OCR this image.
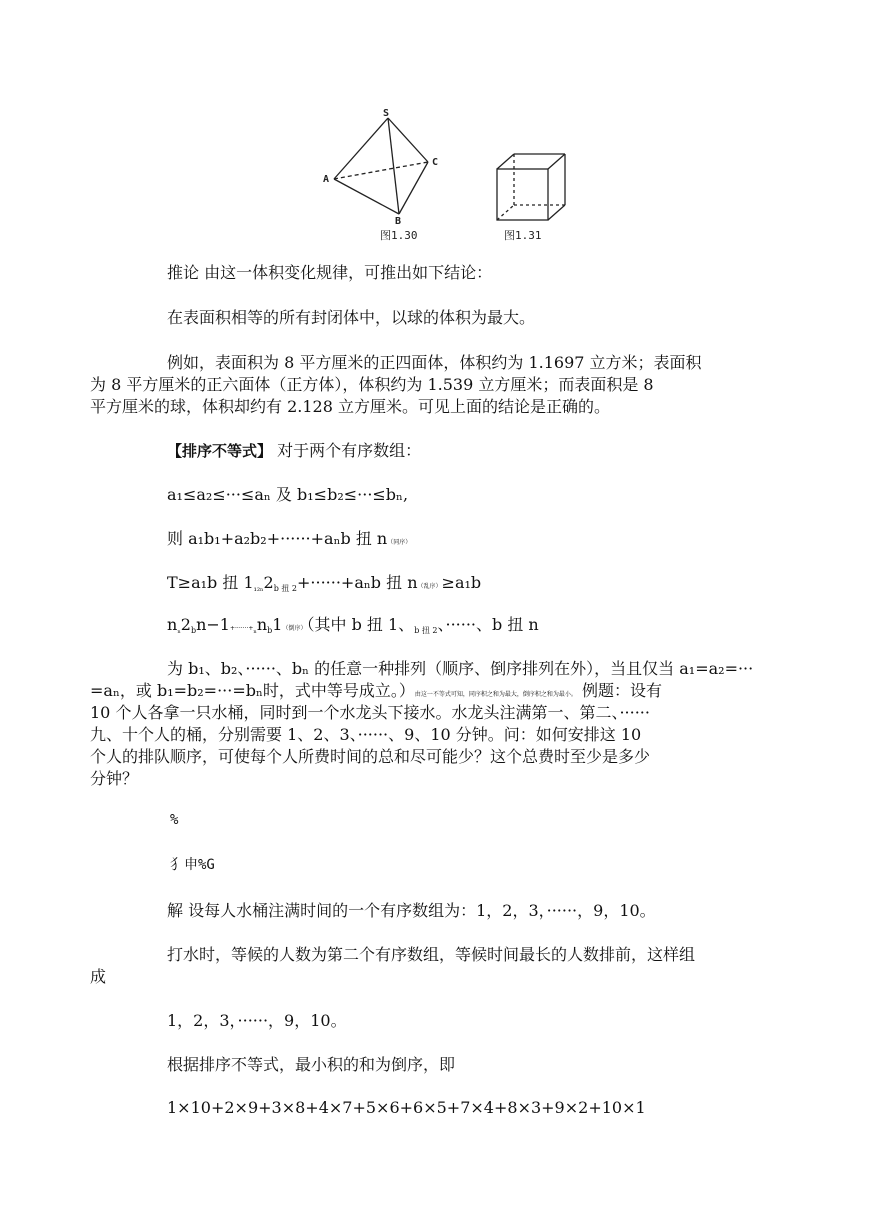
S
A
B
C
图1.30	图1.31

推论 由这一体积变化规律，可推出如下结论：

在表面积相等的所有封闭体中，以球的体积为最大。

例如，表面积为 8 平方厘米的正四面体，体积约为 1.1697 立方米；表面积

为 8 平方厘米的正六面体（正方体），体积约为 1.539 立方厘米；而表面积是 8

平方厘米的球，体积却约有 2.128 立方厘米。可见上面的结论是正确的。

【排序不等式】 对于两个有序数组：

a₁≤a₂≤···≤aₙ 及 b₁≤b₂≤···≤bₙ,

则 a₁b₁+a₂b₂+······+aₙb 扭 n（同序）

T≥a₁b 扭 $1_{_{12n}}2_{b 扭 2}+\cdot\cdot\cdot\cdot\cdot\cdot+a_nb$ 扭 n（乱序）≥a₁b

$n_{_n}2_bn-1+\cdot\cdot\cdot\cdot\cdot\cdot\cdot+_{_n}n_b1$（倒序）（其中 b 扭 1、$_{b 扭 2}$、······、b 扭 n

为 b₁、b₂、······、bₙ 的任意一种排列（顺序、倒序排列在外），当且仅当 a₁=a₂=···

=aₙ，或 b₁=b₂=···=bₙ时，式中等号成立。）由这一不等式可知，同序积之和为最大，倒序积之和为最小。 例题：设有

10 个人各拿一只水桶，同时到一个水龙头下接水。水龙头注满第一、第二、······

九、十个人的桶，分别需要 1、2、3、······、9、10 分钟。问：如何安排这 10

个人的排队顺序，可使每个人所费时间的总和尽可能少？这个总费时至少是多少

分钟？

%
犭申%G

解 设每人水桶注满时间的一个有序数组为：1，2，3，······，9，10。

打水时，等候的人数为第二个有序数组，等候时间最长的人数排前，这样组

成

1，2，3，······，9，10。

根据排序不等式，最小积的和为倒序，即

1×10+2×9+3×8+4×7+5×6+6×5+7×4+8×3+9×2+10×1
